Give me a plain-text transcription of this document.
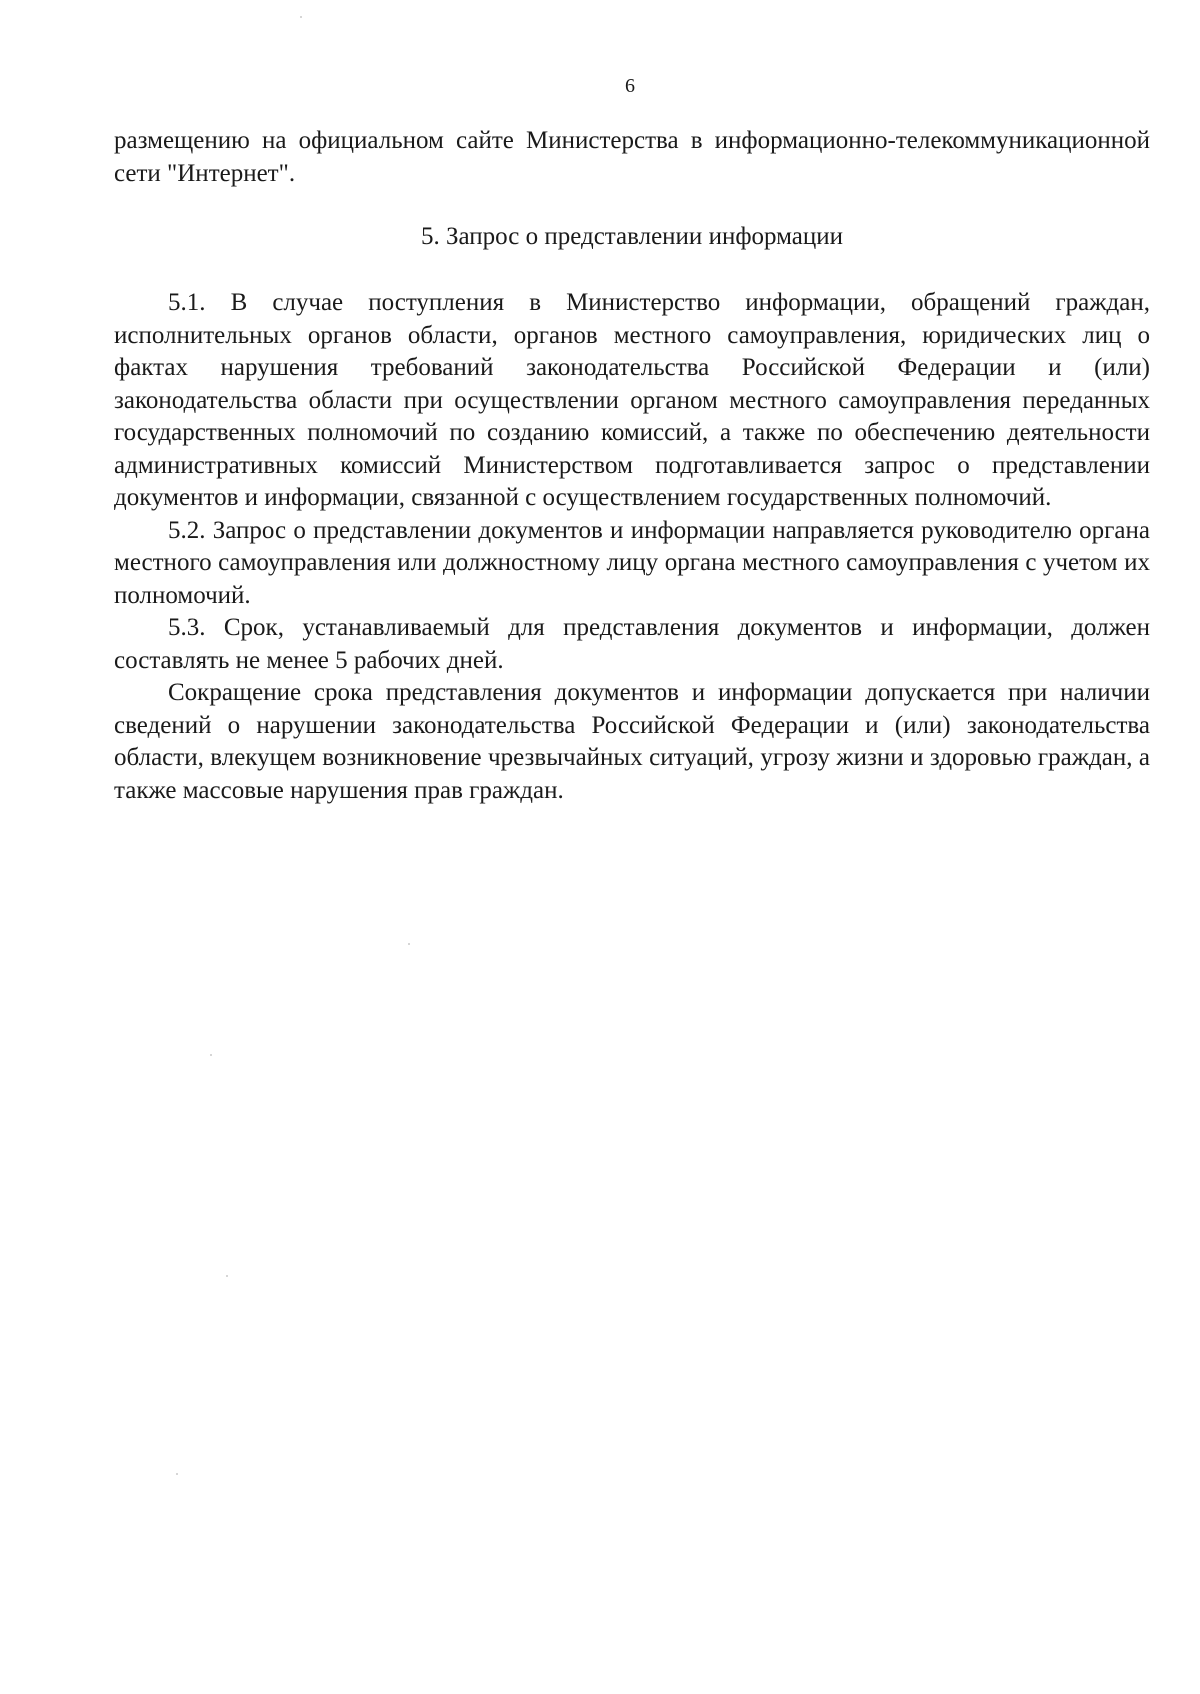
6

размещению на официальном сайте Министерства в информационно-телекоммуникационной сети "Интернет".

5. Запрос о представлении информации

5.1. В случае поступления в Министерство информации, обращений граждан, исполнительных органов области, органов местного самоуправления, юридических лиц о фактах нарушения требований законодательства Российской Федерации и (или) законодательства области при осуществлении органом местного самоуправления переданных государственных полномочий по созданию комиссий, а также по обеспечению деятельности административных комиссий Министерством подготавливается запрос о представлении документов и информации, связанной с осуществлением государственных полномочий.

5.2. Запрос о представлении документов и информации направляется руководителю органа местного самоуправления или должностному лицу органа местного самоуправления с учетом их полномочий.

5.3. Срок, устанавливаемый для представления документов и информации, должен составлять не менее 5 рабочих дней.

Сокращение срока представления документов и информации допускается при наличии сведений о нарушении законодательства Российской Федерации и (или) законодательства области, влекущем возникновение чрезвычайных ситуаций, угрозу жизни и здоровью граждан, а также массовые нарушения прав граждан.
